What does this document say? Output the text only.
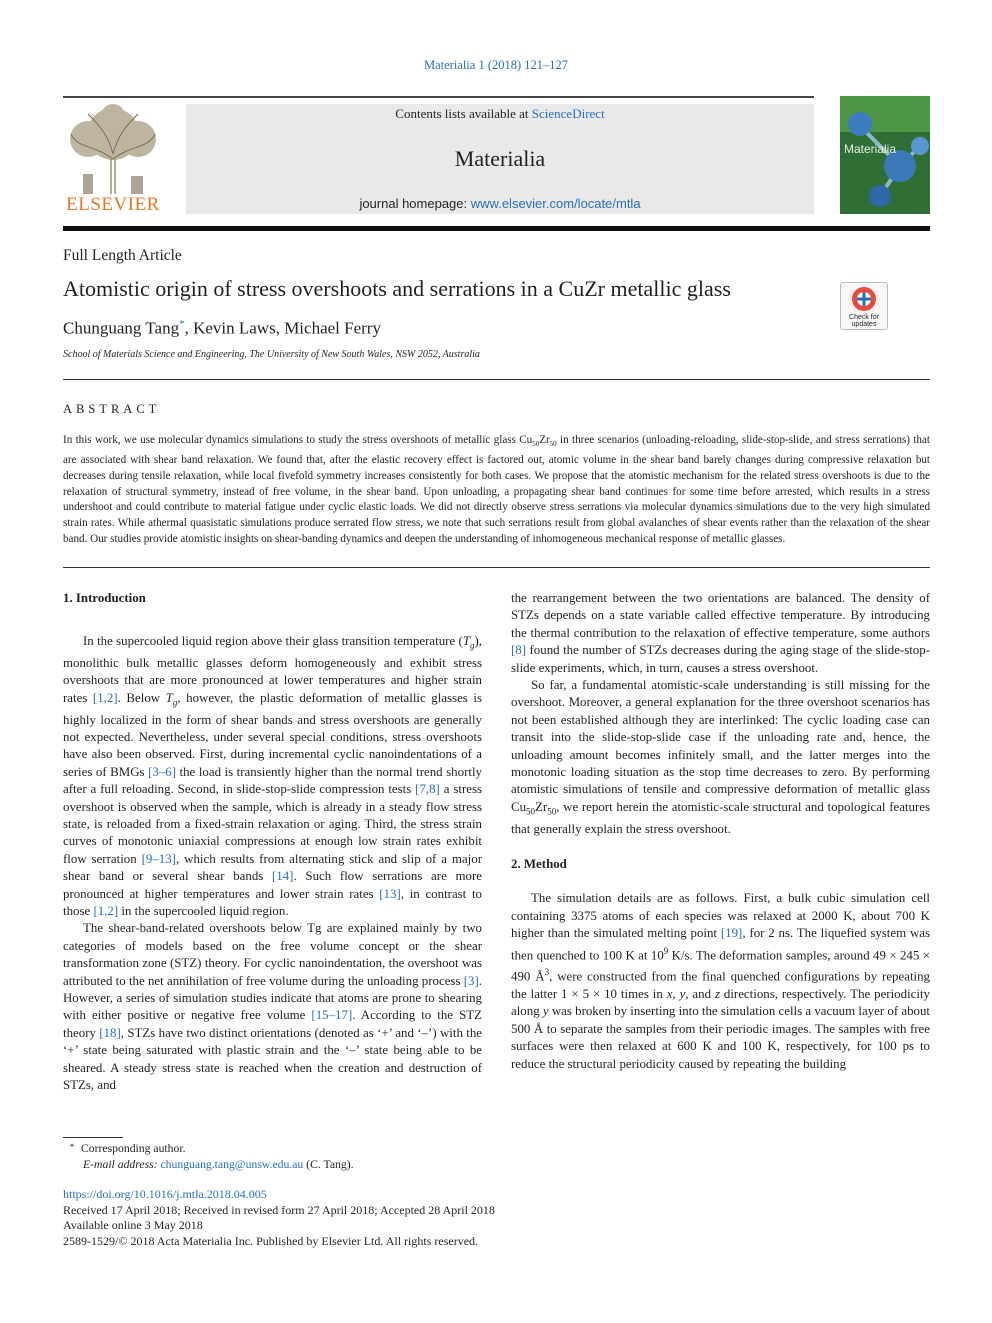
Materialia 1 (2018) 121–127
ELSEVIER
Contents lists available at ScienceDirect
Materialia
journal homepage: www.elsevier.com/locate/mtla
Materialia
Full Length Article
Atomistic origin of stress overshoots and serrations in a CuZr metallic glass
Check for
updates
Chunguang Tang*, Kevin Laws, Michael Ferry
School of Materials Science and Engineering, The University of New South Wales, NSW 2052, Australia
ABSTRACT
In this work, we use molecular dynamics simulations to study the stress overshoots of metallic glass $Cu_{50}Zr_{50}$ in three scenarios (unloading-reloading, slide-stop-slide, and stress serrations) that are associated with shear band relaxation. We found that, after the elastic recovery effect is factored out, atomic volume in the shear band barely changes during compressive relaxation but decreases during tensile relaxation, while local fivefold symmetry increases consistently for both cases. We propose that the atomistic mechanism for the related stress overshoots is due to the relaxation of structural symmetry, instead of free volume, in the shear band. Upon unloading, a propagating shear band continues for some time before arrested, which results in a stress undershoot and could contribute to material fatigue under cyclic elastic loads. We did not directly observe stress serrations via molecular dynamics simulations due to the very high simulated strain rates. While athermal quasistatic simulations produce serrated flow stress, we note that such serrations result from global avalanches of shear events rather than the relaxation of the shear band. Our studies provide atomistic insights on shear-banding dynamics and deepen the understanding of inhomogeneous mechanical response of metallic glasses.
1. Introduction

In the supercooled liquid region above their glass transition temperature $(T_g)$, monolithic bulk metallic glasses deform homogeneously and exhibit stress overshoots that are more pronounced at lower temperatures and higher strain rates [1,2]. Below $T_g$, however, the plastic deformation of metallic glasses is highly localized in the form of shear bands and stress overshoots are generally not expected. Nevertheless, under several special conditions, stress overshoots have also been observed. First, during incremental cyclic nanoindentations of a series of BMGs [3–6] the load is transiently higher than the normal trend shortly after a full reloading. Second, in slide-stop-slide compression tests [7,8] a stress overshoot is observed when the sample, which is already in a steady flow stress state, is reloaded from a fixed-strain relaxation or aging. Third, the stress strain curves of monotonic uniaxial compressions at enough low strain rates exhibit flow serration [9–13], which results from alternating stick and slip of a major shear band or several shear bands [14]. Such flow serrations are more pronounced at higher temperatures and lower strain rates [13], in contrast to those [1,2] in the supercooled liquid region.

The shear-band-related overshoots below Tg are explained mainly by two categories of models based on the free volume concept or the shear transformation zone (STZ) theory. For cyclic nanoindentation, the overshoot was attributed to the net annihilation of free volume during the unloading process [3]. However, a series of simulation studies indicate that atoms are prone to shearing with either positive or negative free volume [15–17]. According to the STZ theory [18], STZs have two distinct orientations (denoted as ‘+’ and ‘–’) with the ‘+’ state being saturated with plastic strain and the ‘–’ state being able to be sheared. A steady stress state is reached when the creation and destruction of STZs, and

the rearrangement between the two orientations are balanced. The density of STZs depends on a state variable called effective temperature. By introducing the thermal contribution to the relaxation of effective temperature, some authors [8] found the number of STZs decreases during the aging stage of the slide-stop-slide experiments, which, in turn, causes a stress overshoot.

So far, a fundamental atomistic-scale understanding is still missing for the overshoot. Moreover, a general explanation for the three overshoot scenarios has not been established although they are interlinked: The cyclic loading case can transit into the slide-stop-slide case if the unloading rate and, hence, the unloading amount becomes infinitely small, and the latter merges into the monotonic loading situation as the stop time decreases to zero. By performing atomistic simulations of tensile and compressive deformation of metallic glass $Cu_{50}Zr_{50}$, we report herein the atomistic-scale structural and topological features that generally explain the stress overshoot.

2. Method

The simulation details are as follows. First, a bulk cubic simulation cell containing 3375 atoms of each species was relaxed at 2000 K, about 700 K higher than the simulated melting point [19], for 2 ns. The liquefied system was then quenched to 100 K at $10^9$ K/s. The deformation samples, around 49 × 245 × 490 $Å^3$, were constructed from the final quenched configurations by repeating the latter 1 × 5 × 10 times in x, y, and z directions, respectively. The periodicity along y was broken by inserting into the simulation cells a vacuum layer of about 500 Å to separate the samples from their periodic images. The samples with free surfaces were then relaxed at 600 K and 100 K, respectively, for 100 ps to reduce the structural periodicity caused by repeating the building

* Corresponding author.
E-mail address: chunguang.tang@unsw.edu.au (C. Tang).
https://doi.org/10.1016/j.mtla.2018.04.005
Received 17 April 2018; Received in revised form 27 April 2018; Accepted 28 April 2018
Available online 3 May 2018
2589-1529/© 2018 Acta Materialia Inc. Published by Elsevier Ltd. All rights reserved.
